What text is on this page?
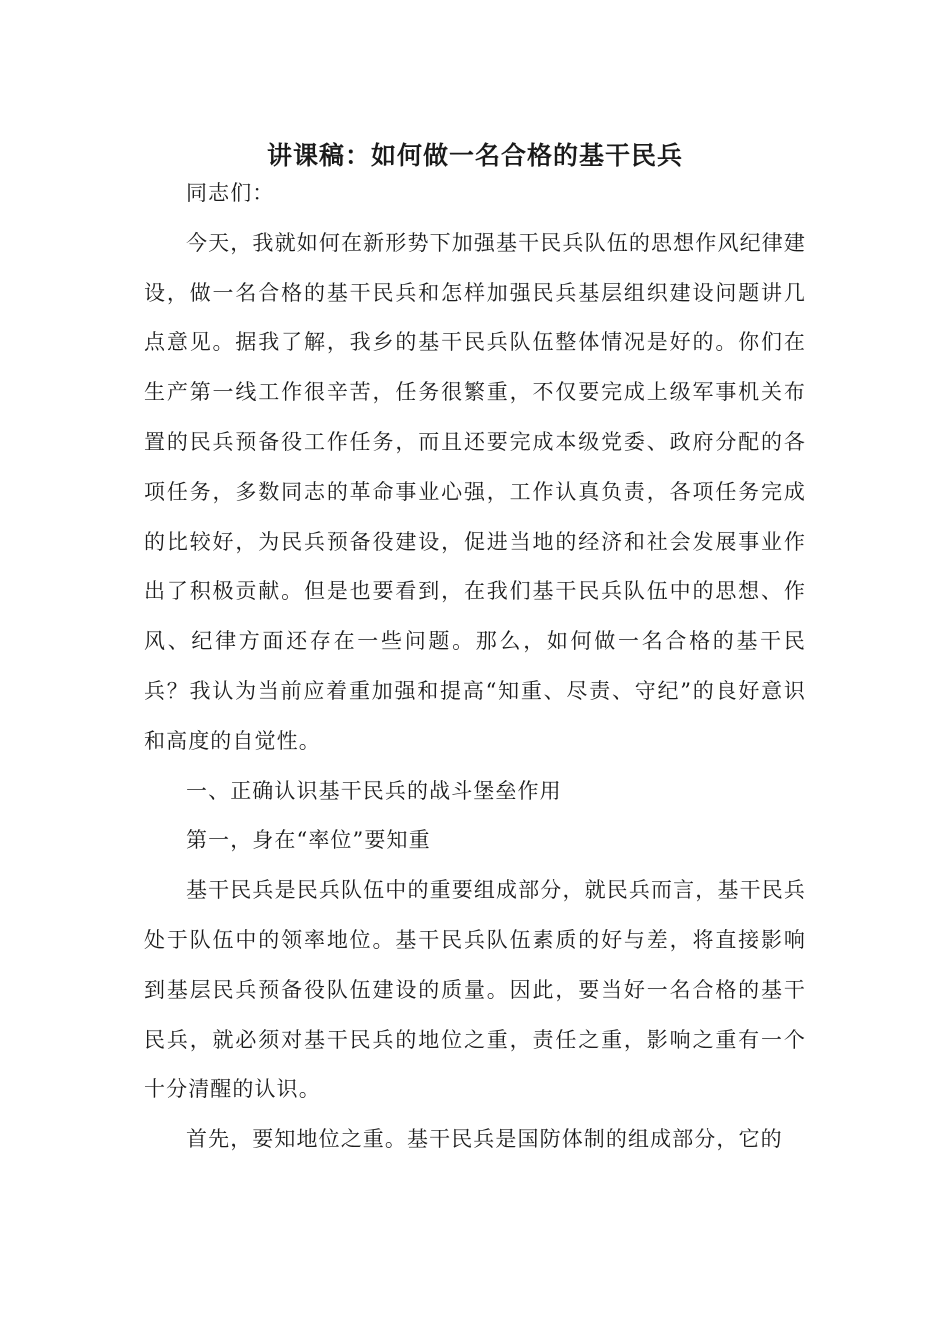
讲课稿：如何做一名合格的基干民兵

同志们：

今天，我就如何在新形势下加强基干民兵队伍的思想作风纪律建设，做一名合格的基干民兵和怎样加强民兵基层组织建设问题讲几点意见。据我了解，我乡的基干民兵队伍整体情况是好的。你们在生产第一线工作很辛苦，任务很繁重，不仅要完成上级军事机关布置的民兵预备役工作任务，而且还要完成本级党委、政府分配的各项任务，多数同志的革命事业心强，工作认真负责，各项任务完成的比较好，为民兵预备役建设，促进当地的经济和社会发展事业作出了积极贡献。但是也要看到，在我们基干民兵队伍中的思想、作风、纪律方面还存在一些问题。那么，如何做一名合格的基干民兵？我认为当前应着重加强和提高“知重、尽责、守纪”的良好意识和高度的自觉性。

一、正确认识基干民兵的战斗堡垒作用

第一，身在“率位”要知重

基干民兵是民兵队伍中的重要组成部分，就民兵而言，基干民兵处于队伍中的领率地位。基干民兵队伍素质的好与差，将直接影响到基层民兵预备役队伍建设的质量。因此，要当好一名合格的基干民兵，就必须对基干民兵的地位之重，责任之重，影响之重有一个十分清醒的认识。

首先，要知地位之重。基干民兵是国防体制的组成部分，它的
